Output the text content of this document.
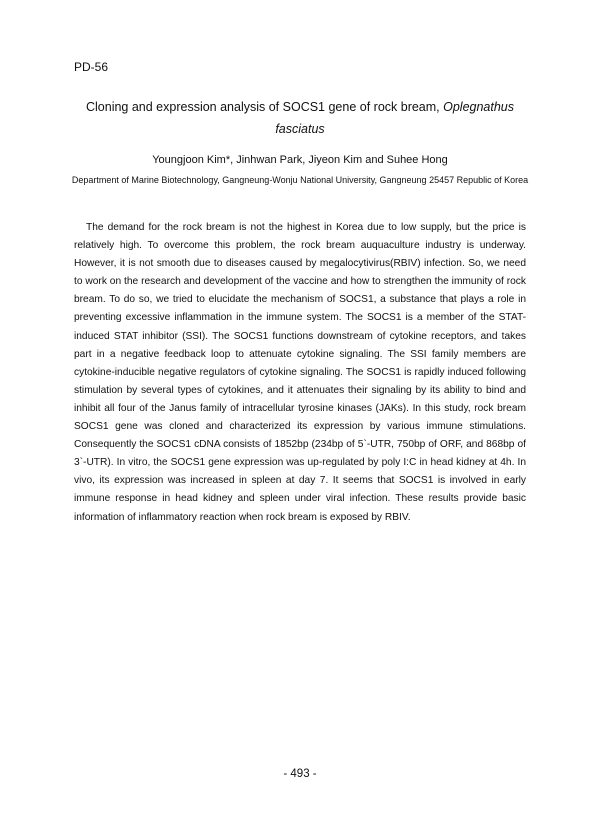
PD-56
Cloning and expression analysis of SOCS1 gene of rock bream, Oplegnathus fasciatus
Youngjoon Kim*, Jinhwan Park, Jiyeon Kim and Suhee Hong
Department of Marine Biotechnology, Gangneung-Wonju National University, Gangneung 25457 Republic of Korea

The demand for the rock bream is not the highest in Korea due to low supply, but the price is relatively high. To overcome this problem, the rock bream auquaculture industry is underway. However, it is not smooth due to diseases caused by megalocytivirus(RBIV) infection. So, we need to work on the research and development of the vaccine and how to strengthen the immunity of rock bream. To do so, we tried to elucidate the mechanism of SOCS1, a substance that plays a role in preventing excessive inflammation in the immune system. The SOCS1 is a member of the STAT-induced STAT inhibitor (SSI). The SOCS1 functions downstream of cytokine receptors, and takes part in a negative feedback loop to attenuate cytokine signaling. The SSI family members are cytokine-inducible negative regulators of cytokine signaling. The SOCS1 is rapidly induced following stimulation by several types of cytokines, and it attenuates their signaling by its ability to bind and inhibit all four of the Janus family of intracellular tyrosine kinases (JAKs). In this study, rock bream SOCS1 gene was cloned and characterized its expression by various immune stimulations. Consequently the SOCS1 cDNA consists of 1852bp (234bp of 5`-UTR, 750bp of ORF, and 868bp of 3`-UTR). In vitro, the SOCS1 gene expression was up-regulated by poly I:C in head kidney at 4h. In vivo, its expression was increased in spleen at day 7. It seems that SOCS1 is involved in early immune response in head kidney and spleen under viral infection. These results provide basic information of inflammatory reaction when rock bream is exposed by RBIV.

- 493 -
